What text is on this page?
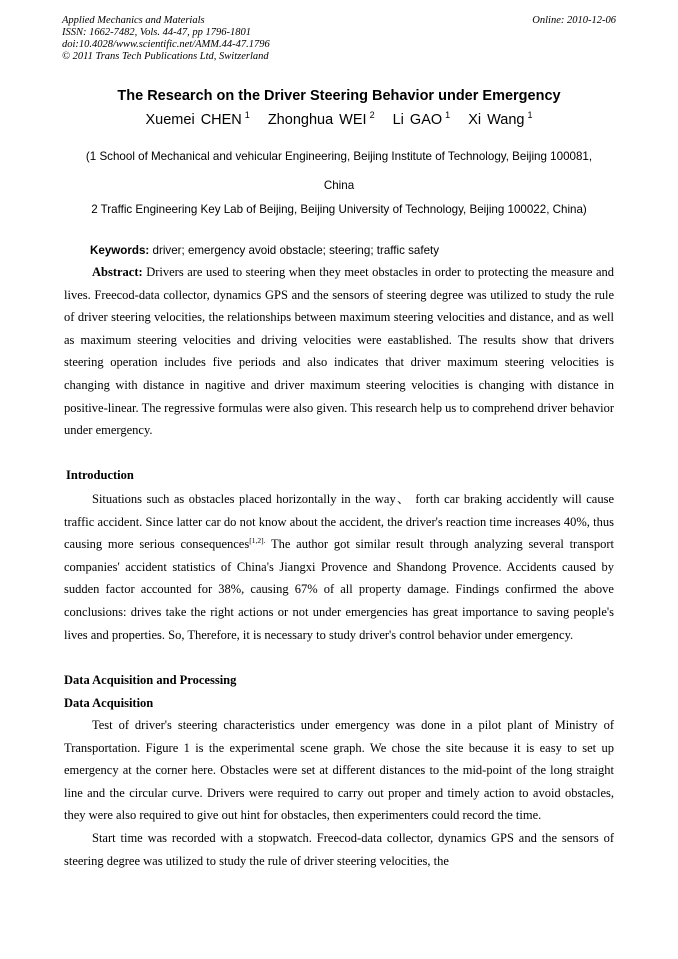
Applied Mechanics and Materials
ISSN: 1662-7482, Vols. 44-47, pp 1796-1801
doi:10.4028/www.scientific.net/AMM.44-47.1796
© 2011 Trans Tech Publications Ltd, Switzerland
Online: 2010-12-06
The Research on the Driver Steering Behavior under Emergency
Xuemei CHEN $^1$ Zhonghua WEI $^2$ Li GAO $^1$ Xi Wang $^1$
(1 School of Mechanical and vehicular Engineering, Beijing Institute of Technology, Beijing 100081,
China
2 Traffic Engineering Key Lab of Beijing, Beijing University of Technology, Beijing 100022, China)
Keywords: driver; emergency avoid obstacle; steering; traffic safety

Abstract: Drivers are used to steering when they meet obstacles in order to protecting the measure and lives. Freecod-data collector, dynamics GPS and the sensors of steering degree was utilized to study the rule of driver steering velocities, the relationships between maximum steering velocities and distance, and as well as maximum steering velocities and driving velocities were eastablished. The results show that drivers steering operation includes five periods and also indicates that driver maximum steering velocities is changing with distance in nagitive and driver maximum steering velocities is changing with distance in positive-linear. The regressive formulas were also given. This research help us to comprehend driver behavior under emergency.

Introduction

Situations such as obstacles placed horizontally in the way、 forth car braking accidently will cause traffic accident. Since latter car do not know about the accident, the driver's reaction time increases 40%, thus causing more serious consequences$^{[1,2].}$ The author got similar result through analyzing several transport companies' accident statistics of China's Jiangxi Provence and Shandong Provence. Accidents caused by sudden factor accounted for 38%, causing 67% of all property damage. Findings confirmed the above conclusions: drives take the right actions or not under emergencies has great importance to saving people's lives and properties. So, Therefore, it is necessary to study driver's control behavior under emergency.

Data Acquisition and Processing
Data Acquisition

Test of driver's steering characteristics under emergency was done in a pilot plant of Ministry of Transportation. Figure 1 is the experimental scene graph. We chose the site because it is easy to set up emergency at the corner here. Obstacles were set at different distances to the mid-point of the long straight line and the circular curve. Drivers were required to carry out proper and timely action to avoid obstacles, they were also required to give out hint for obstacles, then experimenters could record the time.

Start time was recorded with a stopwatch. Freecod-data collector, dynamics GPS and the sensors of steering degree was utilized to study the rule of driver steering velocities, the
